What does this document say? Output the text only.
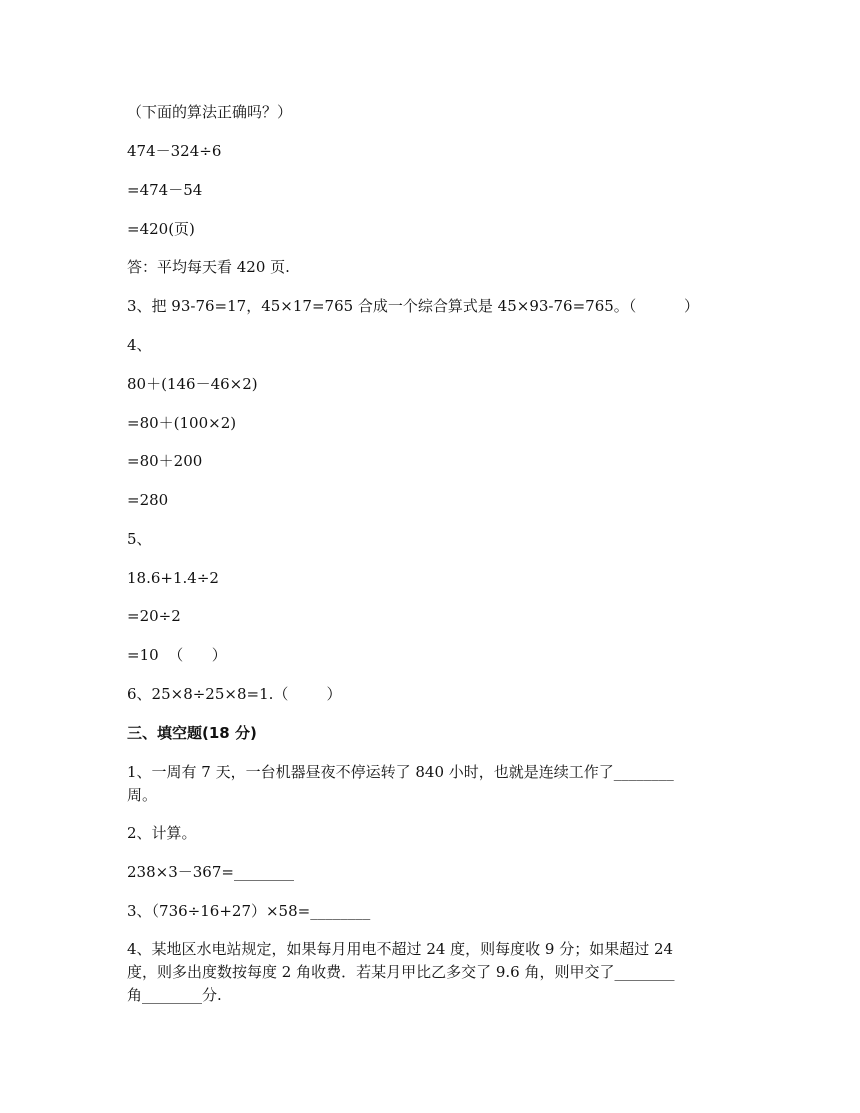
（下面的算法正确吗？）
474－324÷6
=474－54
=420(页)
答：平均每天看 420 页.
3、把 93-76=17，45×17=765 合成一个综合算式是 45×93-76=765。（          ）
4、
80＋(146－46×2)
=80＋(100×2)
=80＋200
=280
5、
18.6+1.4÷2
=20÷2
=10  （      ）
6、25×8÷25×8=1.（        ）
三、填空题(18 分)
1、一周有 7 天，一台机器昼夜不停运转了 840 小时，也就是连续工作了________
周。
2、计算。
238×3－367=________
3、（736÷16+27）×58=________
4、某地区水电站规定，如果每月用电不超过 24 度，则每度收 9 分；如果超过 24
度，则多出度数按每度 2 角收费．若某月甲比乙多交了 9.6 角，则甲交了________
角________分.
